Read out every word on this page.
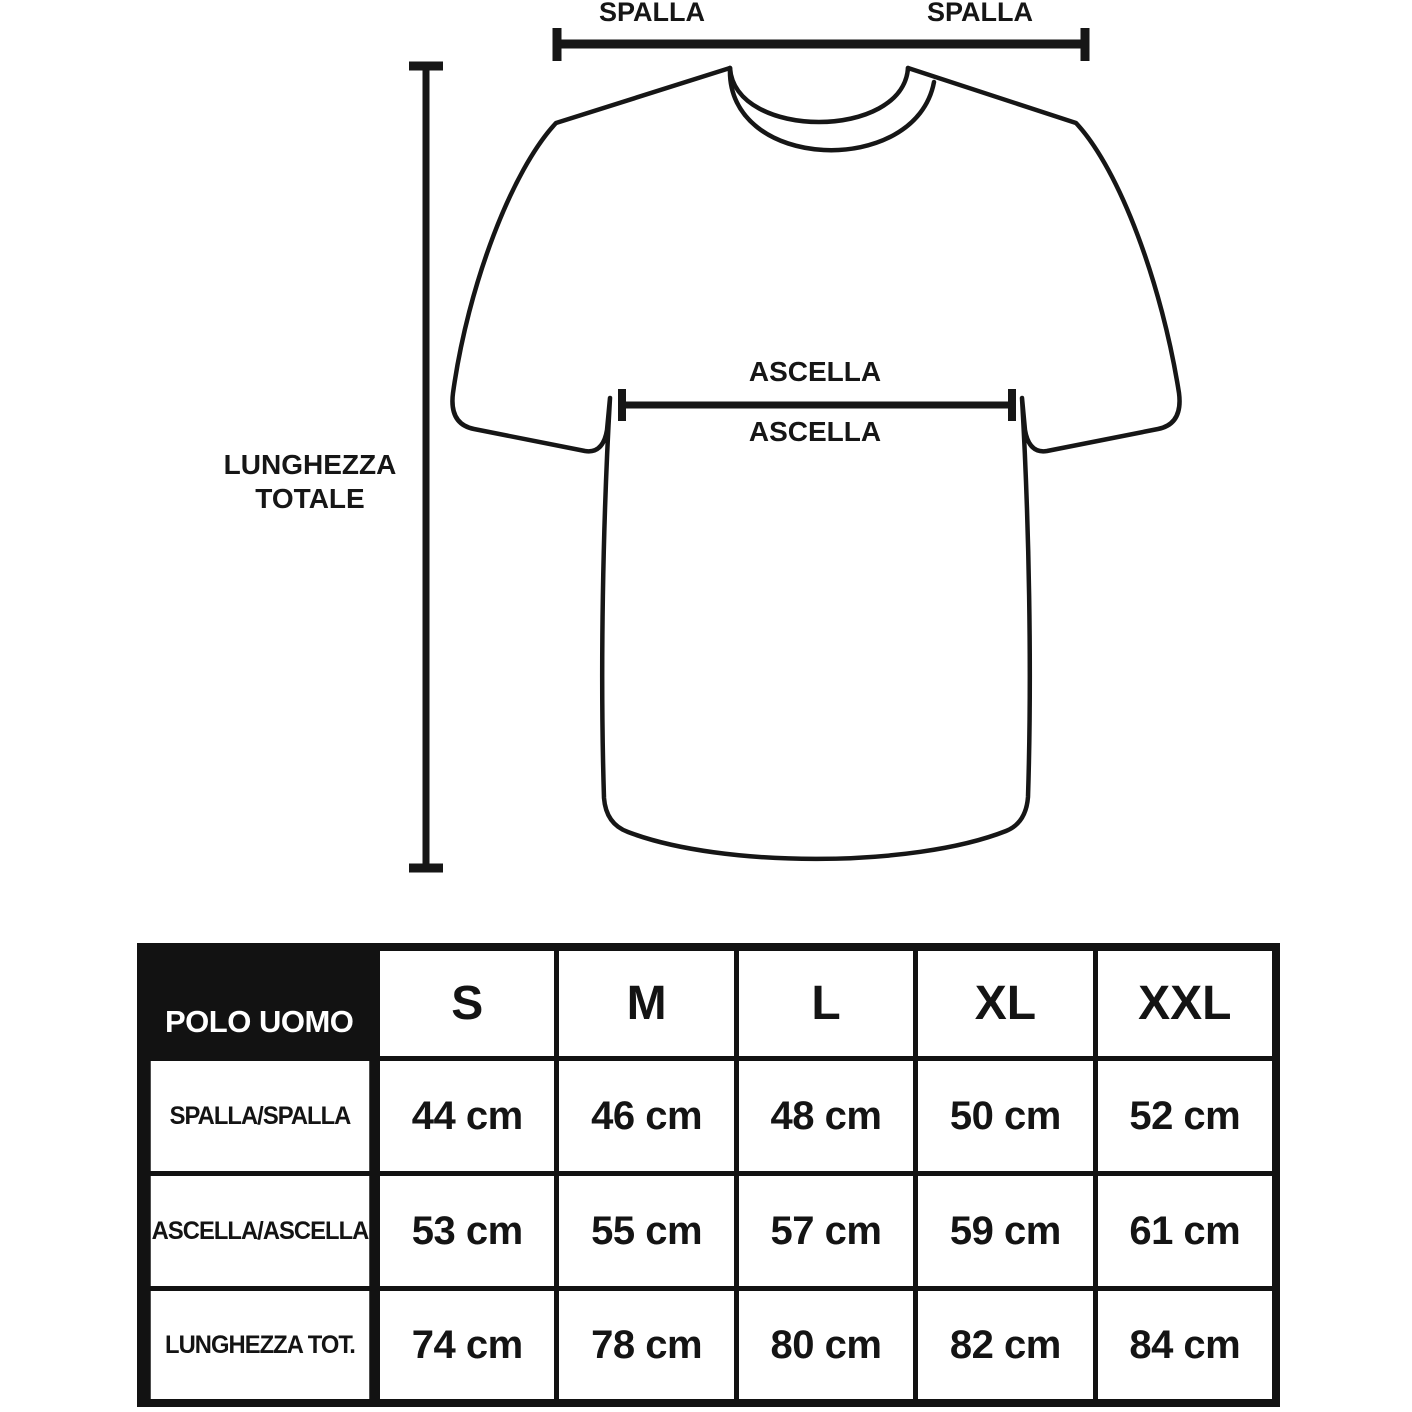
SPALLA	SPALLA
ASCELLA
ASCELLA
LUNGHEZZA
TOTALE
POLO UOMO	S	M	L	XL	XXL
SPALLA/SPALLA	44 cm	46 cm	48 cm	50 cm	52 cm
ASCELLA/ASCELLA	53 cm	55 cm	57 cm	59 cm	61 cm
LUNGHEZZA TOT.	74 cm	78 cm	80 cm	82 cm	84 cm
